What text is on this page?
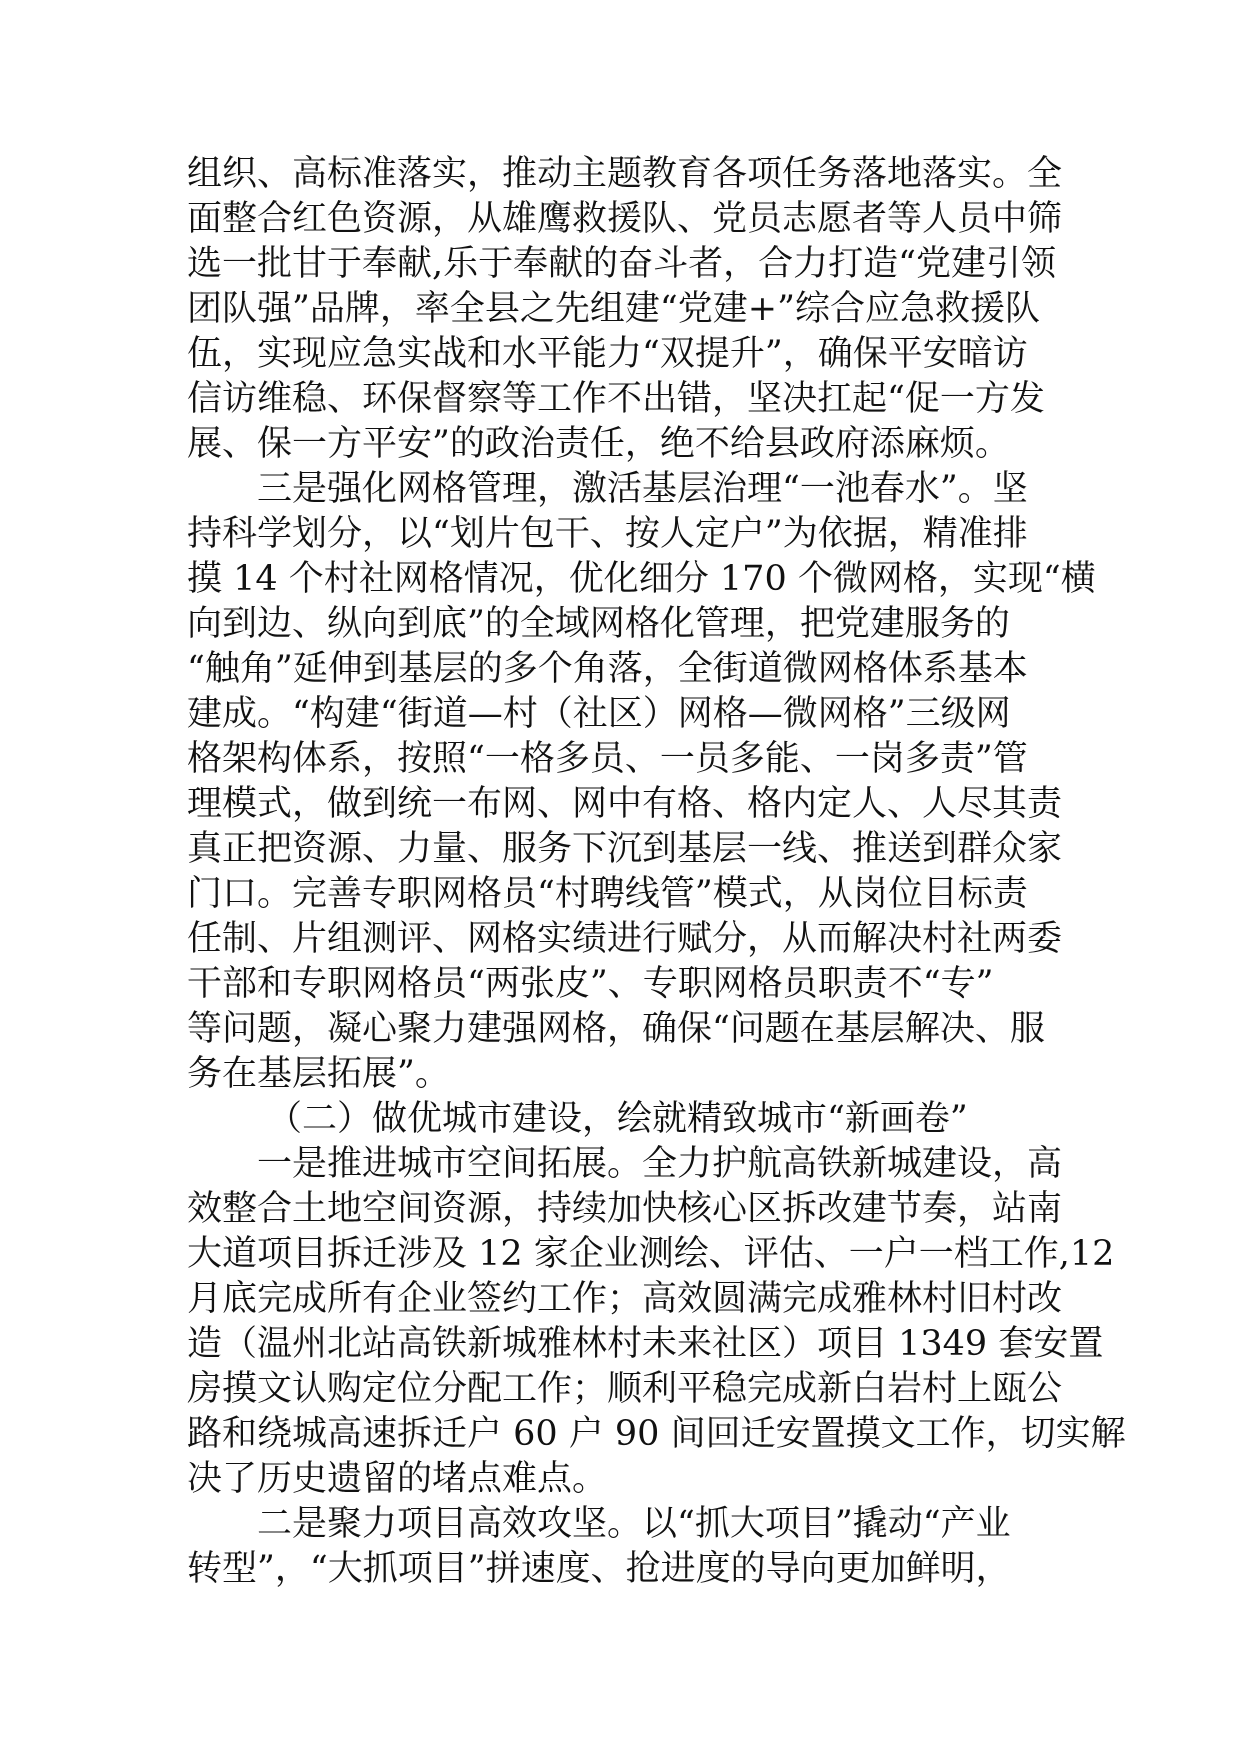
组织、高标准落实，推动主题教育各项任务落地落实。全
面整合红色资源，从雄鹰救援队、党员志愿者等人员中筛
选一批甘于奉献,乐于奉献的奋斗者，合力打造“党建引领
团队强”品牌，率全县之先组建“党建+”综合应急救援队
伍，实现应急实战和水平能力“双提升”，确保平安暗访
信访维稳、环保督察等工作不出错，坚决扛起“促一方发
展、保一方平安”的政治责任，绝不给县政府添麻烦。
三是强化网格管理，激活基层治理“一池春水”。坚
持科学划分，以“划片包干、按人定户”为依据，精准排
摸 14 个村社网格情况，优化细分 170 个微网格，实现“横
向到边、纵向到底”的全域网格化管理，把党建服务的
“触角”延伸到基层的多个角落，全街道微网格体系基本
建成。“构建“街道—村（社区）网格—微网格”三级网
格架构体系，按照“一格多员、一员多能、一岗多责”管
理模式，做到统一布网、网中有格、格内定人、人尽其责
真正把资源、力量、服务下沉到基层一线、推送到群众家
门口。完善专职网格员“村聘线管”模式，从岗位目标责
任制、片组测评、网格实绩进行赋分，从而解决村社两委
干部和专职网格员“两张皮”、专职网格员职责不“专”
等问题，凝心聚力建强网格，确保“问题在基层解决、服
务在基层拓展”。
（二）做优城市建设，绘就精致城市“新画卷”
一是推进城市空间拓展。全力护航高铁新城建设，高
效整合土地空间资源，持续加快核心区拆改建节奏，站南
大道项目拆迁涉及 12 家企业测绘、评估、一户一档工作,12
月底完成所有企业签约工作；高效圆满完成雅林村旧村改
造（温州北站高铁新城雅林村未来社区）项目 1349 套安置
房摸文认购定位分配工作；顺利平稳完成新白岩村上瓯公
路和绕城高速拆迁户 60 户 90 间回迁安置摸文工作，切实解
决了历史遗留的堵点难点。
二是聚力项目高效攻坚。以“抓大项目”撬动“产业
转型”，“大抓项目”拼速度、抢进度的导向更加鲜明，
